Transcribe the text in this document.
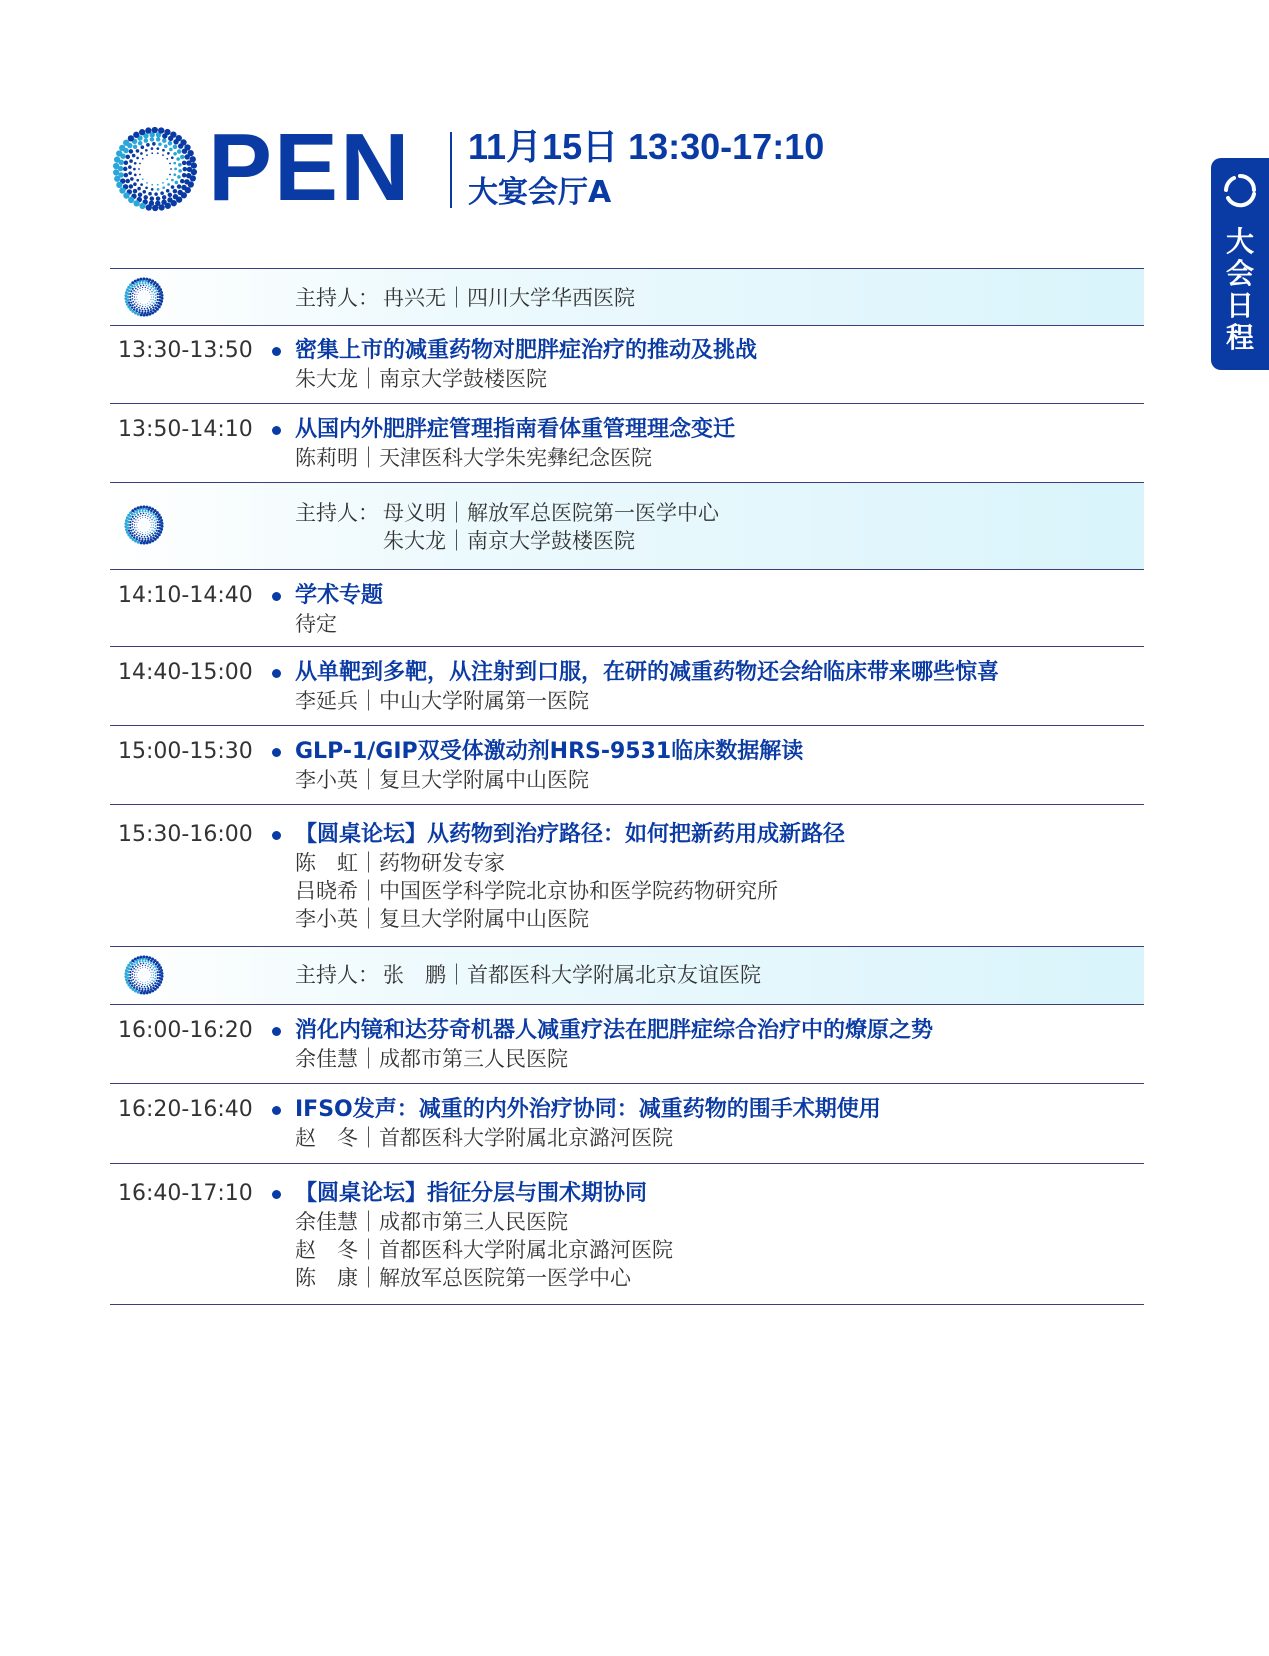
PEN 11月15日 13:30-17:10
大宴会厅A
大
会
日
程
主持人： 冉兴无｜四川大学华西医院
13:30-13:50 密集上市的减重药物对肥胖症治疗的推动及挑战
朱大龙｜南京大学鼓楼医院
13:50-14:10 从国内外肥胖症管理指南看体重管理理念变迁
陈莉明｜天津医科大学朱宪彝纪念医院
主持人： 母义明｜解放军总医院第一医学中心
朱大龙｜南京大学鼓楼医院
14:10-14:40 学术专题
待定
14:40-15:00 从单靶到多靶，从注射到口服，在研的减重药物还会给临床带来哪些惊喜
李延兵｜中山大学附属第一医院
15:00-15:30 GLP-1/GIP双受体激动剂HRS-9531临床数据解读
李小英｜复旦大学附属中山医院
15:30-16:00 【圆桌论坛】从药物到治疗路径：如何把新药用成新路径
陈　虹｜药物研发专家
吕晓希｜中国医学科学院北京协和医学院药物研究所
李小英｜复旦大学附属中山医院
主持人： 张　鹏｜首都医科大学附属北京友谊医院
16:00-16:20 消化内镜和达芬奇机器人减重疗法在肥胖症综合治疗中的燎原之势
余佳慧｜成都市第三人民医院
16:20-16:40 IFSO发声：减重的内外治疗协同：减重药物的围手术期使用
赵　冬｜首都医科大学附属北京潞河医院
16:40-17:10 【圆桌论坛】指征分层与围术期协同
余佳慧｜成都市第三人民医院
赵　冬｜首都医科大学附属北京潞河医院
陈　康｜解放军总医院第一医学中心
